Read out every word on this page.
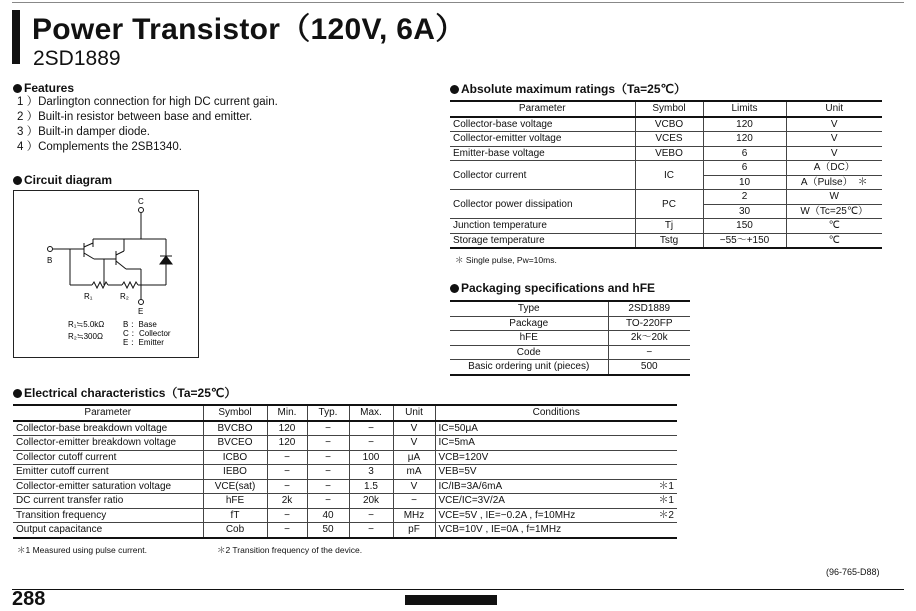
Power Transistor（120V, 6A）
2SD1889
Features
1 ）Darlington connection for high DC current gain.
2 ）Built-in resistor between base and emitter.
3 ）Built-in damper diode.
4 ）Complements the 2SB1340.
Circuit diagram
C
B
E
R₁	R₂
R₁≒5.0kΩ
R₂≒300Ω
B ：Base
C ：Collector
E ：Emitter
Absolute maximum ratings（Ta=25℃）
Parameter	Symbol	Limits	Unit
Collector-base voltage	VCBO	120	V
Collector-emitter voltage	VCES	120	V
Emitter-base voltage	VEBO	6	V
Collector current	IC	6	A（DC）
		10	A（Pulse）　＊
Collector power dissipation	PC	2	W
		30	W（Tc=25℃）
Junction temperature	Tj	150	℃
Storage temperature	Tstg	−55〜+150	℃
＊ Single pulse, Pw=10ms.
Packaging specifications and hFE
Type	2SD1889
Package	TO-220FP
hFE	2k〜20k
Code	−
Basic ordering unit (pieces)	500
Electrical characteristics（Ta=25℃）
Parameter	Symbol	Min.	Typ.	Max.	Unit	Conditions	
Collector-base breakdown voltage	BVCBO	120	−	−	V	IC=50μA	
Collector-emitter breakdown voltage	BVCEO	120	−	−	V	IC=5mA	
Collector cutoff current	ICBO	−	−	100	μA	VCB=120V	
Emitter cutoff current	IEBO	−	−	3	mA	VEB=5V	
Collector-emitter saturation voltage	VCE(sat)	−	−	1.5	V	IC/IB=3A/6mA	＊1
DC current transfer ratio	hFE	2k	−	20k	−	VCE/IC=3V/2A	＊1
Transition frequency	fT	−	40	−	MHz	VCE=5V , IE=−0.2A , f=10MHz	＊2
Output capacitance	Cob	−	50	−	pF	VCB=10V , IE=0A , f=1MHz	
＊1 Measured using pulse current.	＊2 Transition frequency of the device.
(96-765-D88)
288
